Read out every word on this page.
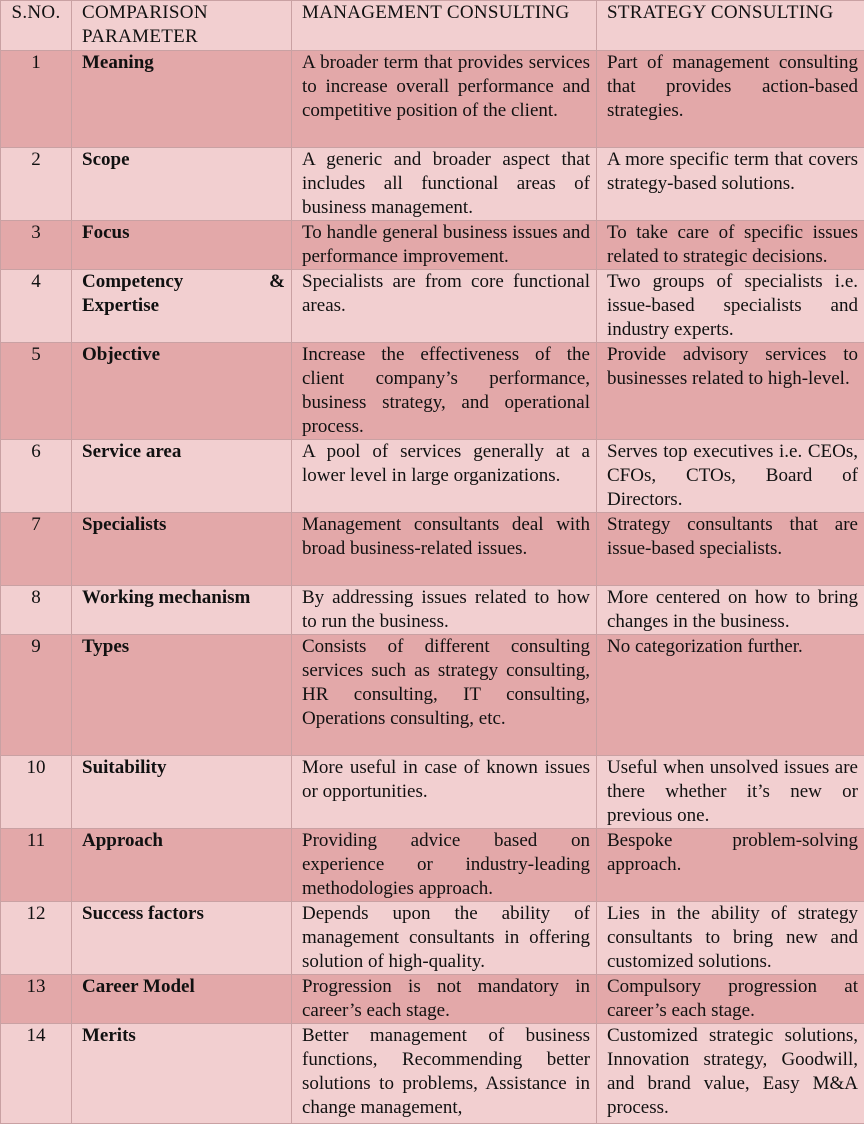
S.NO.	COMPARISON PARAMETER	MANAGEMENT CONSULTING	STRATEGY CONSULTING
1	Meaning	A broader term that provides services to increase overall performance and competitive position of the client.	Part of management consulting that provides action-based strategies.
2	Scope	A generic and broader aspect that includes all functional areas of business management.	A more specific term that covers strategy-based solutions.
3	Focus	To handle general business issues and performance improvement.	To take care of specific issues related to strategic decisions.
4	Competency & Expertise	Specialists are from core functional areas.	Two groups of specialists i.e. issue-based specialists and industry experts.
5	Objective	Increase the effectiveness of the client company’s performance, business strategy, and operational process.	Provide advisory services to businesses related to high-level.
6	Service area	A pool of services generally at a lower level in large organizations.	Serves top executives i.e. CEOs, CFOs, CTOs, Board of Directors.
7	Specialists	Management consultants deal with broad business-related issues.	Strategy consultants that are issue-based specialists.
8	Working mechanism	By addressing issues related to how to run the business.	More centered on how to bring changes in the business.
9	Types	Consists of different consulting services such as strategy consulting, HR consulting, IT consulting, Operations consulting, etc.	No categorization further.
10	Suitability	More useful in case of known issues or opportunities.	Useful when unsolved issues are there whether it’s new or previous one.
11	Approach	Providing advice based on experience or industry-leading methodologies approach.	Bespoke problem-solving approach.
12	Success factors	Depends upon the ability of management consultants in offering solution of high-quality.	Lies in the ability of strategy consultants to bring new and customized solutions.
13	Career Model	Progression is not mandatory in career’s each stage.	Compulsory progression at career’s each stage.
14	Merits	Better management of business functions, Recommending better solutions to problems, Assistance in change management,	Customized strategic solutions, Innovation strategy, Goodwill, and brand value, Easy M&A process.
